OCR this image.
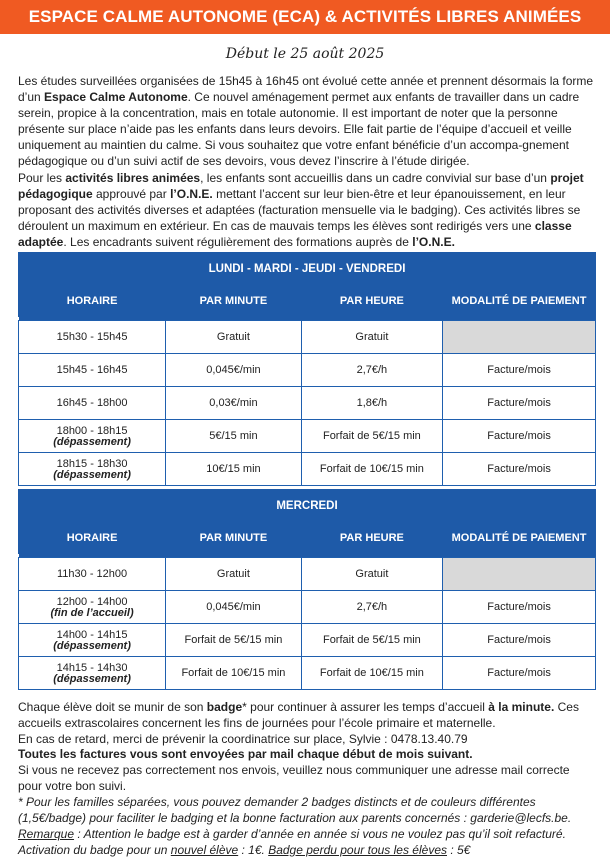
ESPACE CALME AUTONOME (ECA) & ACTIVITÉS LIBRES ANIMÉES
Début le 25 août 2025

Les études surveillées organisées de 15h45 à 16h45 ont évolué cette année et prennent désormais la forme d’un Espace Calme Autonome. Ce nouvel aménagement permet aux enfants de travailler dans un cadre serein, propice à la concentration, mais en totale autonomie. Il est important de noter que la personne présente sur place n’aide pas les enfants dans leurs devoirs. Elle fait partie de l’équipe d’accueil et veille uniquement au maintien du calme. Si vous souhaitez que votre enfant bénéficie d’un accompa-gnement pédagogique ou d’un suivi actif de ses devoirs, vous devez l’inscrire à l’étude dirigée.

Pour les activités libres animées, les enfants sont accueillis dans un cadre convivial sur base d’un projet pédagogique approuvé par l’O.N.E. mettant l’accent sur leur bien-être et leur épanouissement, en leur proposant des activités diverses et adaptées (facturation mensuelle via le badging). Ces activités libres se déroulent un maximum en extérieur. En cas de mauvais temps les élèves sont redirigés vers une classe adaptée. Les encadrants suivent régulièrement des formations auprès de l’O.N.E.

LUNDI - MARDI - JEUDI - VENDREDI			
HORAIRE	PAR MINUTE	PAR HEURE	MODALITÉ DE PAIEMENT

15h30 - 15h45	Gratuit	Gratuit	
15h45 - 16h45	0,045€/min	2,7€/h	Facture/mois
16h45 - 18h00	0,03€/min	1,8€/h	Facture/mois

18h00 - 18h15
(dépassement)	5€/15 min	Forfait de 5€/15 min	Facture/mois

18h15 - 18h30
(dépassement)	10€/15 min	Forfait de 10€/15 min	Facture/mois
MERCREDI			
HORAIRE	PAR MINUTE	PAR HEURE	MODALITÉ DE PAIEMENT

11h30 - 12h00	Gratuit	Gratuit	

12h00 - 14h00
(fin de l’accueil)	0,045€/min	2,7€/h	Facture/mois

14h00 - 14h15
(dépassement)	Forfait de 5€/15 min	Forfait de 5€/15 min	Facture/mois

14h15 - 14h30
(dépassement)	Forfait de 10€/15 min	Forfait de 10€/15 min	Facture/mois

Chaque élève doit se munir de son badge* pour continuer à assurer les temps d’accueil à la minute. Ces accueils extrascolaires concernent les fins de journées pour l’école primaire et maternelle.
En cas de retard, merci de prévenir la coordinatrice sur place, Sylvie : 0478.13.40.79
Toutes les factures vous sont envoyées par mail chaque début de mois suivant.
Si vous ne recevez pas correctement nos envois, veuillez nous communiquer une adresse mail correcte pour votre bon suivi.

* Pour les familles séparées, vous pouvez demander 2 badges distincts et de couleurs différentes (1,5€/badge) pour faciliter le badging et la bonne facturation aux parents concernés : garderie@lecfs.be.

Remarque : Attention le badge est à garder d’année en année si vous ne voulez pas qu’il soit refacturé.
Activation du badge pour un nouvel élève : 1€. Badge perdu pour tous les élèves : 5€
